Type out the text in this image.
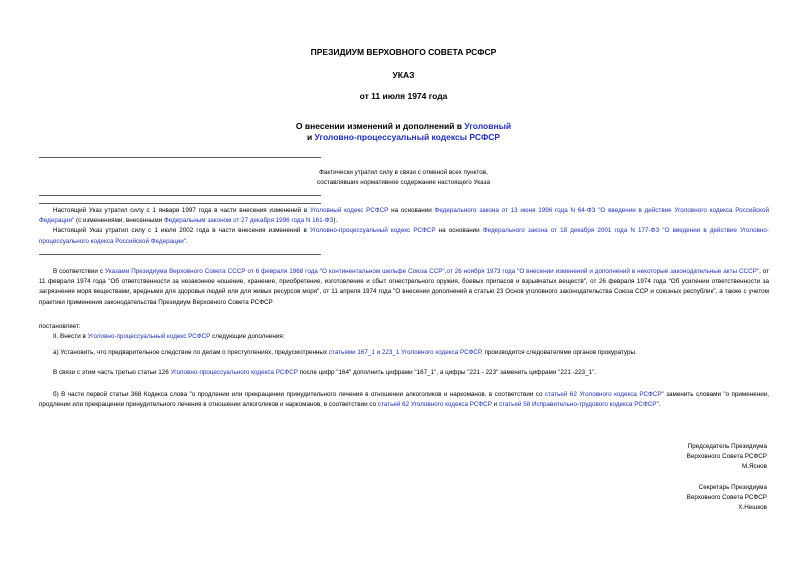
ПРЕЗИДИУМ ВЕРХОВНОГО СОВЕТА РСФСР
УКАЗ
от 11 июля 1974 года
О внесении изменений и дополнений в Уголовный
и Уголовно-процессуальный кодексы РСФСР
Фактически утратил силу в связи с отменой всех пунктов,
составлявших нормативное содержание настоящего Указа

Настоящий Указ утратил силу с 1 января 1997 года в части внесения изменений в Уголовный кодекс РСФСР на основании Федерального закона от 13 июня 1996 года N 64-ФЗ "О введении в действие Уголовного кодекса Российской Федерации" (с изменениями, внесенными Федеральным законом от 27 декабря 1996 года N 161-ФЗ).

Настоящий Указ утратил силу с 1 июля 2002 года в части внесения изменений в Уголовно-процессуальный кодекс РСФСР на основании Федерального закона от 18 декабря 2001 года N 177-ФЗ "О введении в действие Уголовно-процессуального кодекса Российской Федерации".

В соответствии с Указами Президиума Верховного Совета СССР от 6 февраля 1968 года "О континентальном шельфе Союза ССР",от 26 ноября 1973 года "О внесении изменений и дополнений в некоторые законодательные акты СССР", от 11 февраля 1974 года "Об ответственности за незаконное ношение, хранение, приобретение, изготовление и сбыт огнестрельного оружия, боевых припасов и взрывчатых веществ", от 26 февраля 1974 года "Об усилении ответственности за загрязнение моря веществами, вредными для здоровья людей или для живых ресурсов моря", от 11 апреля 1974 года "О внесении дополнений в статью 23 Основ уголовного законодательства Союза ССР и союзных республик", а также с учетом практики применения законодательства Президиум Верховного Совета РСФСР

постановляет:

II. Внести в Уголовно-процессуальный кодекс РСФСР следующие дополнения:

а) Установить, что предварительное следствие по делам о преступлениях, предусмотренных статьями 167_1 и 223_1 Уголовного кодекса РСФСР, производится следователями органов прокуратуры.

В связи с этим часть третью статьи 126 Уголовно-процессуального кодекса РСФСР после цифр "164" дополнить цифрами "167_1", а цифры "221 - 223" заменить цифрами "221 -223_1".

б) В части первой статьи 368 Кодекса слова "о продлении или прекращении принудительного лечения в отношении алкоголиков и наркоманов, в соответствии со статьей 62 Уголовного кодекса РСФСР" заменить словами "о применении, продлении или прекращении принудительного лечения в отношении алкоголиков и наркоманов, в соответствии со статьей 62 Уголовного кодекса РСФСР и статьей 58 Исправительно-трудового кодекса РСФСР".

Председатель Президиума
Верховного Совета РСФСР
М.Яснов
Секретарь Президиума
Верховного Совета РСФСР
Х.Нешков
